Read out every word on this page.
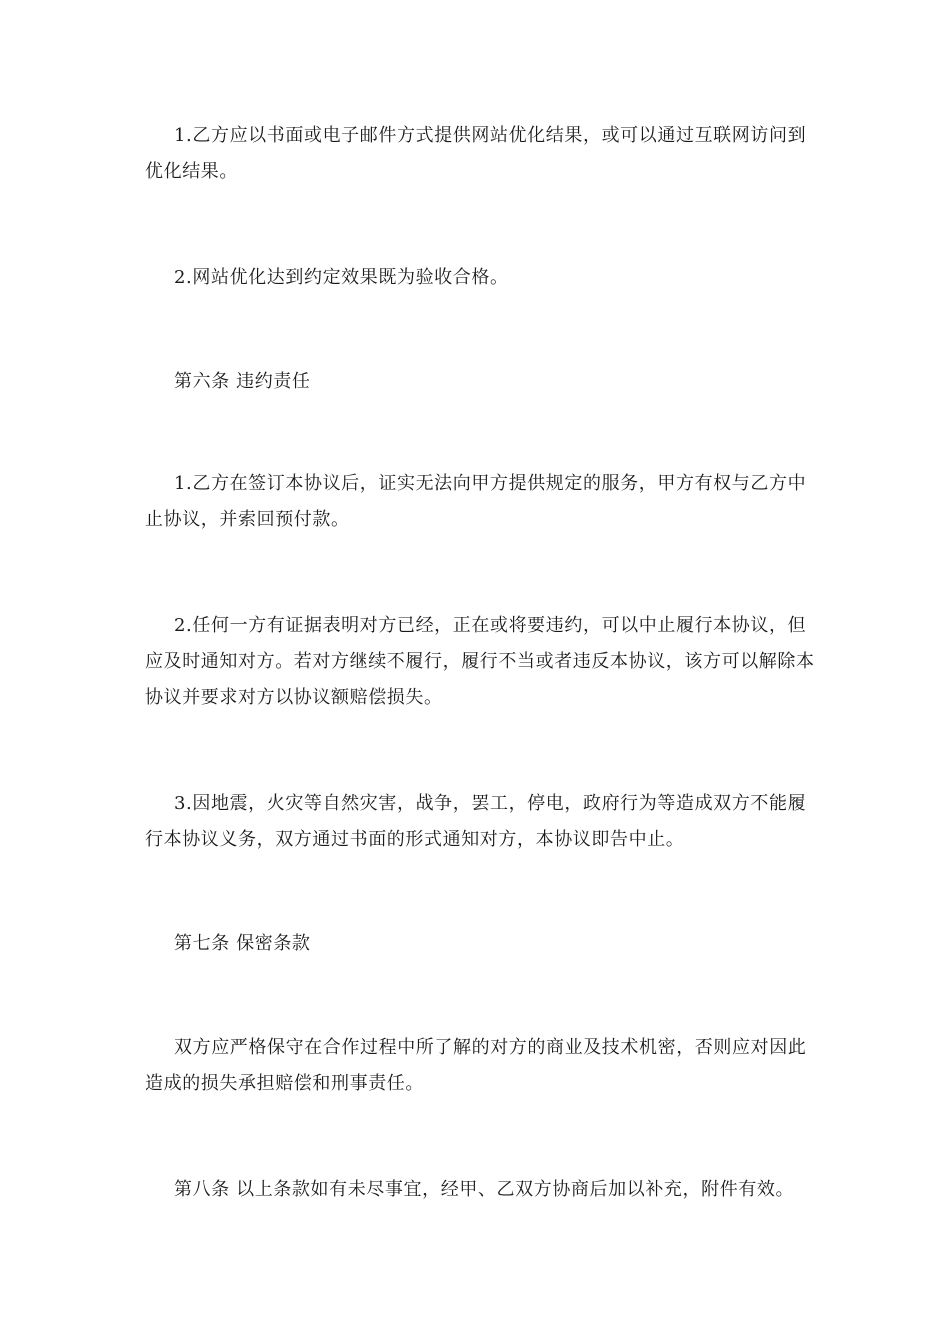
1.乙方应以书面或电子邮件方式提供网站优化结果，或可以通过互联网访问到优化结果。

2.网站优化达到约定效果既为验收合格。

第六条 违约责任

1.乙方在签订本协议后，证实无法向甲方提供规定的服务，甲方有权与乙方中止协议，并索回预付款。

2.任何一方有证据表明对方已经，正在或将要违约，可以中止履行本协议，但应及时通知对方。若对方继续不履行，履行不当或者违反本协议，该方可以解除本协议并要求对方以协议额赔偿损失。

3.因地震，火灾等自然灾害，战争，罢工，停电，政府行为等造成双方不能履行本协议义务，双方通过书面的形式通知对方，本协议即告中止。

第七条 保密条款

双方应严格保守在合作过程中所了解的对方的商业及技术机密，否则应对因此造成的损失承担赔偿和刑事责任。

第八条 以上条款如有未尽事宜，经甲、乙双方协商后加以补充，附件有效。
